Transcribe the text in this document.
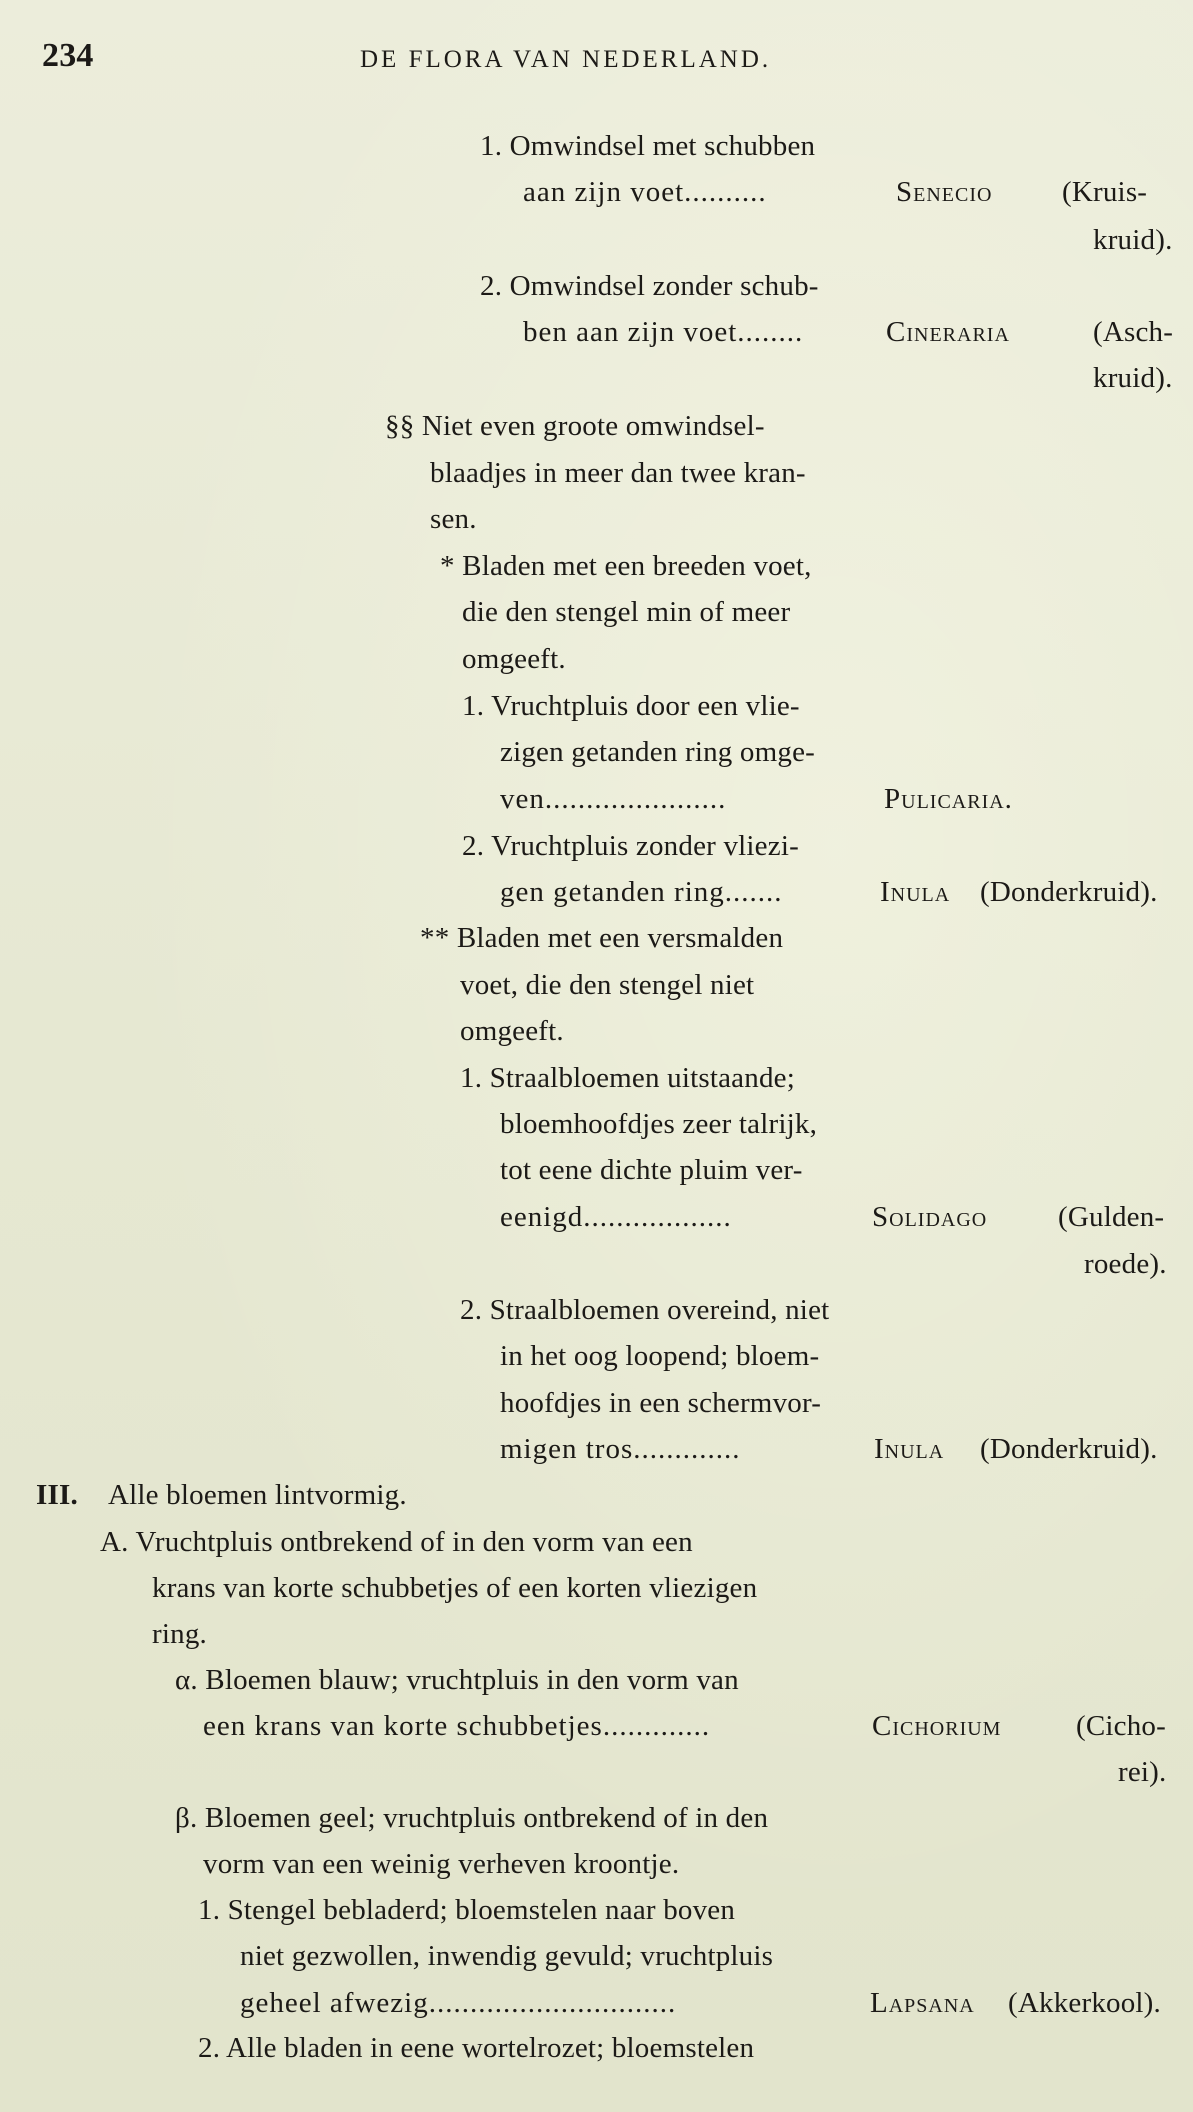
234	DE FLORA VAN NEDERLAND.
1. Omwindsel met schubben
aan zijn voet..........	Senecio (Kruis-
kruid).
2. Omwindsel zonder schub-
ben aan zijn voet........	Cineraria	(Asch-
kruid).
§§ Niet even groote omwindsel-
blaadjes in meer dan twee kran-
sen.
* Bladen met een breeden voet,
die den stengel min of meer
omgeeft.
1. Vruchtpluis door een vlie-
zigen getanden ring omge-
ven......................	Pulicaria.
2. Vruchtpluis zonder vliezi-
gen getanden ring.......	Inula (Donderkruid).
** Bladen met een versmalden
voet, die den stengel niet
omgeeft.
1. Straalbloemen uitstaande;
bloemhoofdjes zeer talrijk,
tot eene dichte pluim ver-
eenigd..................	Solidago (Gulden-
roede).
2. Straalbloemen overeind, niet
in het oog loopend; bloem-
hoofdjes in een schermvor-
migen tros.............	Inula (Donderkruid).
III. Alle bloemen lintvormig.
A. Vruchtpluis ontbrekend of in den vorm van een
krans van korte schubbetjes of een korten vliezigen
ring.
α. Bloemen blauw; vruchtpluis in den vorm van
een krans van korte schubbetjes.............	Cichorium	(Cicho-
rei).
β. Bloemen geel; vruchtpluis ontbrekend of in den
vorm van een weinig verheven kroontje.
1. Stengel bebladerd; bloemstelen naar boven
niet gezwollen, inwendig gevuld; vruchtpluis
geheel afwezig..............................	Lapsana (Akkerkool).
2. Alle bladen in eene wortelrozet; bloemstelen
